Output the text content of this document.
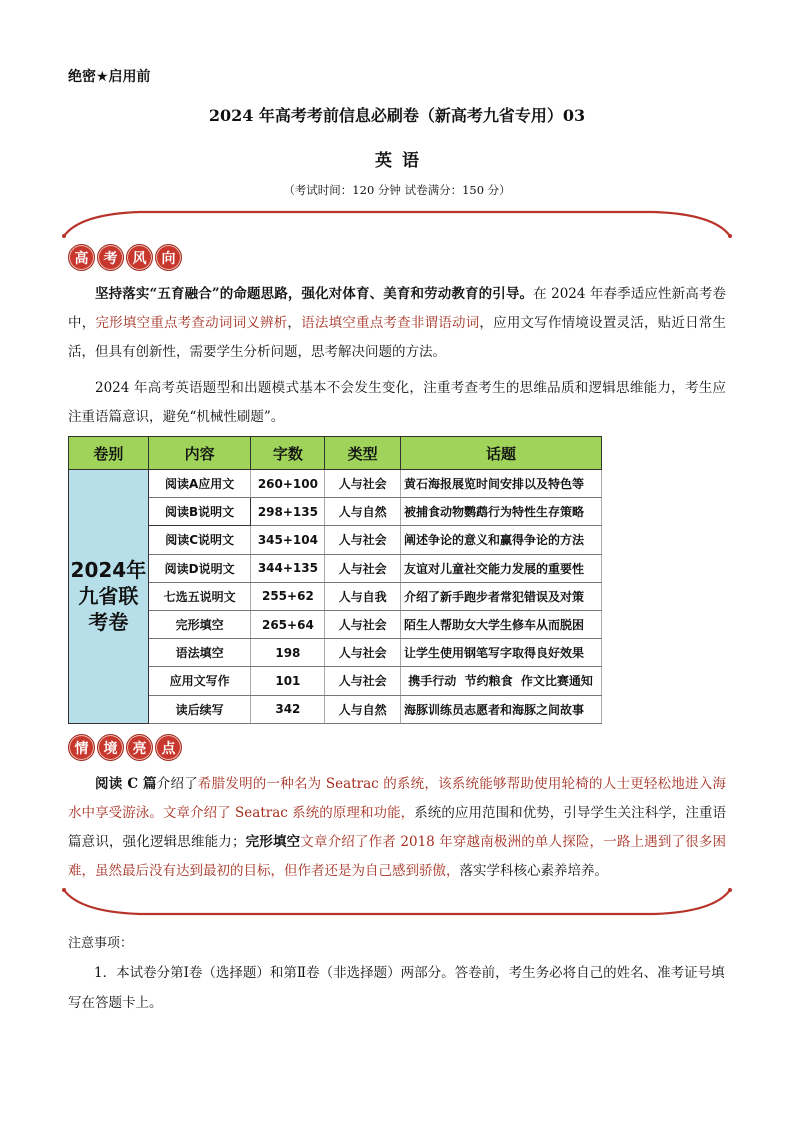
绝密★启用前
2024 年高考考前信息必刷卷（新高考九省专用）03
英语
（考试时间：120 分钟 试卷满分：150 分）
高	考	风	向
坚持落实“五育融合”的命题思路，强化对体育、美育和劳动教育的引导。在 2024 年春季适应性新高考卷中，完形填空重点考查动词词义辨析，语法填空重点考查非谓语动词，应用文写作情境设置灵活，贴近日常生活，但具有创新性，需要学生分析问题，思考解决问题的方法。
2024 年高考英语题型和出题模式基本不会发生变化，注重考查考生的思维品质和逻辑思维能力，考生应注重语篇意识，避免“机械性刷题”。
卷别	内容	字数	类型	话题
2024年九省联考卷	阅读A应用文	260+100	人与社会	黄石海报展览时间安排以及特色等
	阅读B说明文	298+135	人与自然	被捕食动物鹦鹉行为特性生存策略
	阅读C说明文	345+104	人与社会	阐述争论的意义和赢得争论的方法
	阅读D说明文	344+135	人与社会	友谊对儿童社交能力发展的重要性
	七选五说明文	255+62	人与自我	介绍了新手跑步者常犯错误及对策
	完形填空	265+64	人与社会	陌生人帮助女大学生修车从而脱困
	语法填空	198	人与社会	让学生使用钢笔写字取得良好效果
	应用文写作	101	人与社会	携手行动  节约粮食  作文比赛通知
	读后续写	342	人与自然	海豚训练员志愿者和海豚之间故事
情	境	亮	点
阅读 C 篇介绍了希腊发明的一种名为 Seatrac 的系统，该系统能够帮助使用轮椅的人士更轻松地进入海水中享受游泳。文章介绍了 Seatrac 系统的原理和功能，系统的应用范围和优势，引导学生关注科学，注重语篇意识，强化逻辑思维能力；完形填空文章介绍了作者 2018 年穿越南极洲的单人探险，一路上遇到了很多困难，虽然最后没有达到最初的目标，但作者还是为自己感到骄傲，落实学科核心素养培养。
注意事项：
1．本试卷分第Ⅰ卷（选择题）和第Ⅱ卷（非选择题）两部分。答卷前，考生务必将自己的姓名、准考证号填写在答题卡上。
